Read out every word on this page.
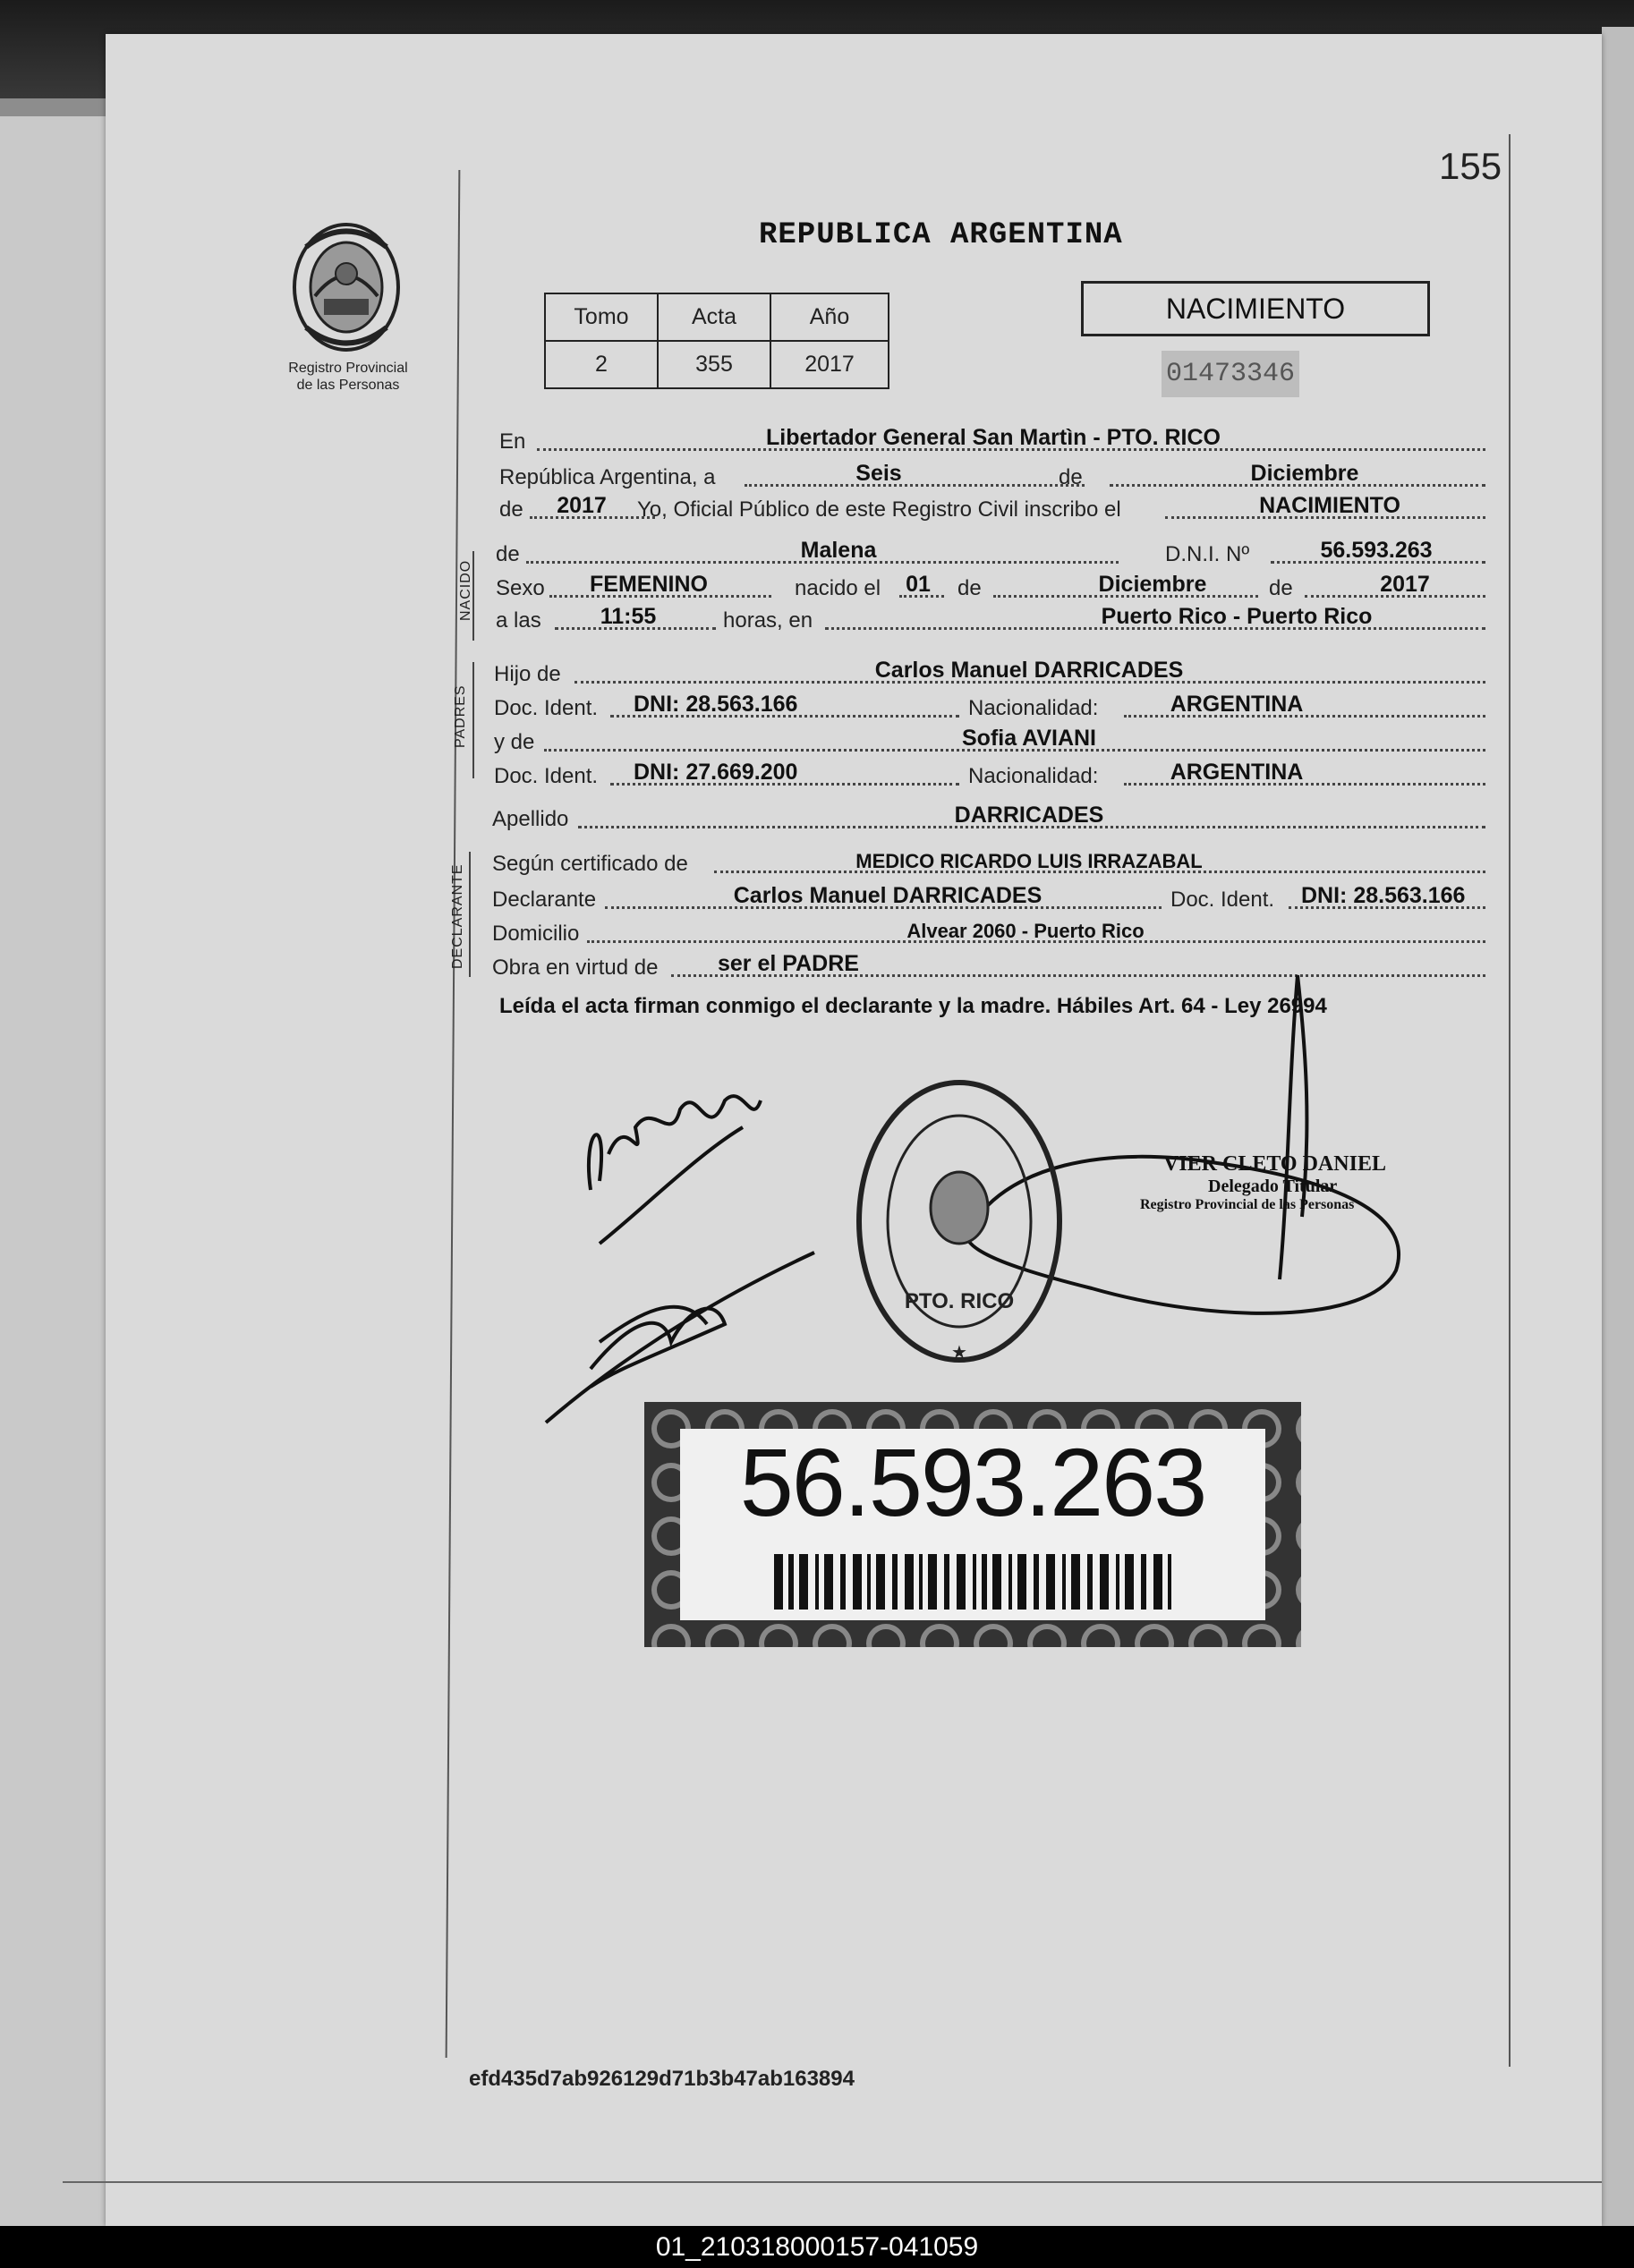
155
REPUBLICA ARGENTINA
Registro Provincial
de las Personas
Tomo	Acta	Año
2	355	2017
NACIMIENTO
01473346
En	Libertador General San Martìn - PTO. RICO
República Argentina, a	Seis	de	Diciembre
de 2017 Yo, Oficial Público de este Registro Civil inscribo el	NACIMIENTO
NACIDO
de	Malena	D.N.I. Nº	56.593.263
Sexo FEMENINO	nacido el 01 de	Diciembre	de	2017
a las	11:55	horas, en	Puerto Rico - Puerto Rico
PADRES
Hijo de	Carlos Manuel DARRICADES
Doc. Ident. DNI: 28.563.166	Nacionalidad:	ARGENTINA
y de	Sofia AVIANI
Doc. Ident. DNI: 27.669.200	Nacionalidad:	ARGENTINA
Apellido	DARRICADES
DECLARANTE Según certificado de	MEDICO RICARDO LUIS IRRAZABAL
Declarante	Carlos Manuel DARRICADES	Doc. Ident. DNI: 28.563.166
Domicilio	Alvear 2060 - Puerto Rico
Obra en virtud de	ser el PADRE
Leída el acta firman conmigo el declarante y la madre. Hábiles Art. 64 - Ley 26994
PTO. RICO
★
VIER CLETO DANIEL
Delegado Titular
Registro Provincial de las Personas
56.593.263
efd435d7ab926129d71b3b47ab163894
01_210318000157-041059
